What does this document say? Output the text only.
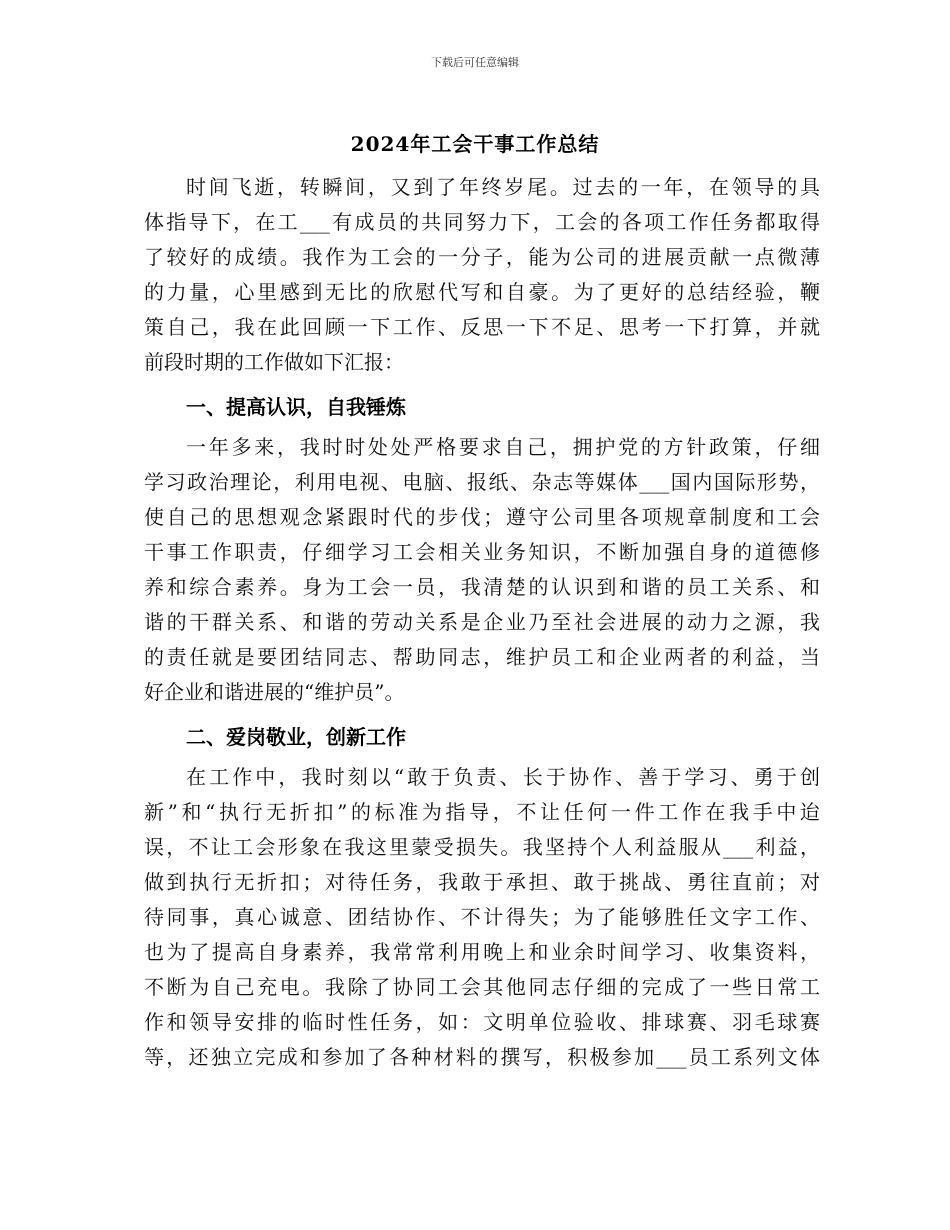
下载后可任意编辑
2024年工会干事工作总结
时间飞逝，转瞬间，又到了年终岁尾。过去的一年，在领导的具
体指导下，在工___有成员的共同努力下，工会的各项工作任务都取得
了较好的成绩。我作为工会的一分子，能为公司的进展贡献一点微薄
的力量，心里感到无比的欣慰代写和自豪。为了更好的总结经验，鞭
策自己，我在此回顾一下工作、反思一下不足、思考一下打算，并就
前段时期的工作做如下汇报：
一、提高认识，自我锤炼
一年多来，我时时处处严格要求自己，拥护党的方针政策，仔细
学习政治理论，利用电视、电脑、报纸、杂志等媒体___国内国际形势，
使自己的思想观念紧跟时代的步伐；遵守公司里各项规章制度和工会
干事工作职责，仔细学习工会相关业务知识，不断加强自身的道德修
养和综合素养。身为工会一员，我清楚的认识到和谐的员工关系、和
谐的干群关系、和谐的劳动关系是企业乃至社会进展的动力之源，我
的责任就是要团结同志、帮助同志，维护员工和企业两者的利益，当
好企业和谐进展的“维护员”。
二、爱岗敬业，创新工作
在工作中，我时刻以“敢于负责、长于协作、善于学习、勇于创
新”和“执行无折扣”的标准为指导，不让任何一件工作在我手中迨
误，不让工会形象在我这里蒙受损失。我坚持个人利益服从___利益，
做到执行无折扣；对待任务，我敢于承担、敢于挑战、勇往直前；对
待同事，真心诚意、团结协作、不计得失；为了能够胜任文字工作、
也为了提高自身素养，我常常利用晚上和业余时间学习、收集资料，
不断为自己充电。我除了协同工会其他同志仔细的完成了一些日常工
作和领导安排的临时性任务，如：文明单位验收、排球赛、羽毛球赛
等，还独立完成和参加了各种材料的撰写，积极参加___员工系列文体
